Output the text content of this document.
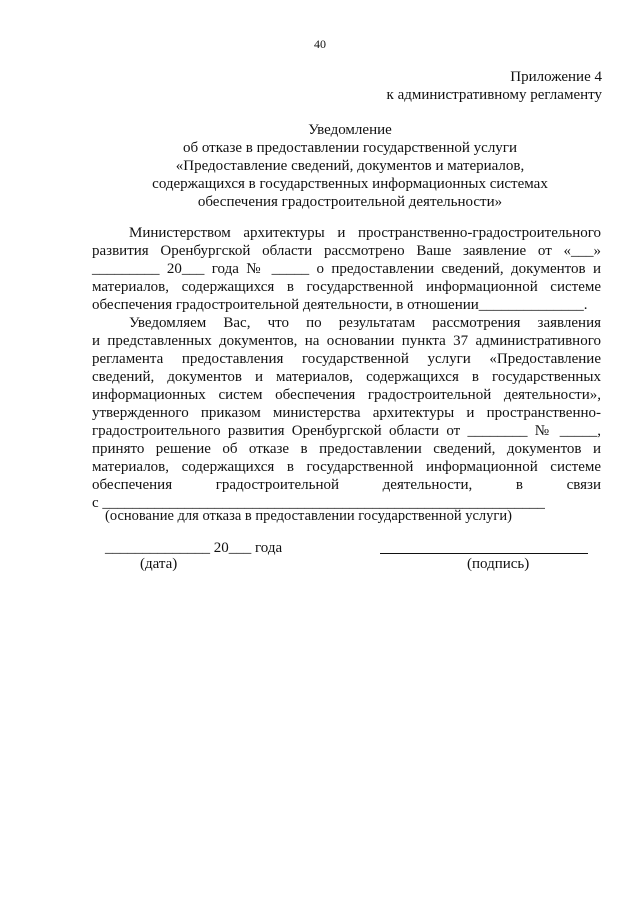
40
Приложение 4
к административному регламенту
Уведомление
об отказе в предоставлении государственной услуги
«Предоставление сведений, документов и материалов,
содержащихся в государственных информационных системах
обеспечения градостроительной деятельности»
Министерством архитектуры и пространственно-градостроительного
развития Оренбургской области рассмотрено Ваше заявление от «___»
_________ 20___ года № _____ о предоставлении сведений, документов и
материалов, содержащихся в государственной информационной системе
обеспечения градостроительной деятельности, в отношении______________.
Уведомляем Вас, что по результатам рассмотрения заявления
и представленных документов, на основании пункта 37 административного
регламента предоставления государственной услуги «Предоставление
сведений, документов и материалов, содержащихся в государственных
информационных систем обеспечения градостроительной деятельности»,
утвержденного приказом министерства архитектуры и пространственно-
градостроительного развития Оренбургской области от ________ № _____,
принято решение об отказе в предоставлении сведений, документов и
материалов, содержащихся в государственной информационной системе
обеспечения градостроительной деятельности, в связи
с ___________________________________________________________
(основание для отказа в предоставлении государственной услуги)
______________ 20___ года
(дата)	(подпись)
